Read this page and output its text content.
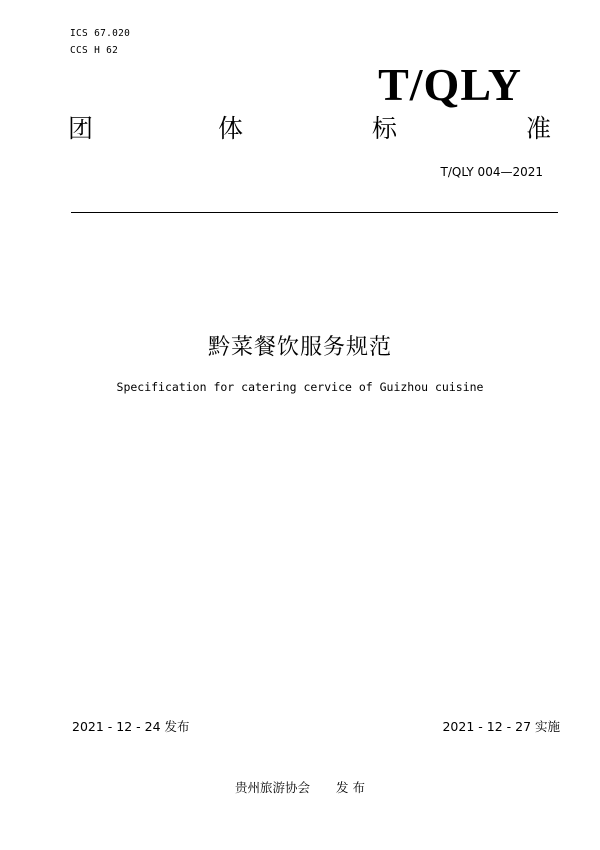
ICS 67.020
CCS H 62
T/QLY
团	体	标	准
T/QLY 004—2021
黔菜餐饮服务规范
Specification for catering cervice of Guizhou cuisine
2021 - 12 - 24 发布	2021 - 12 - 27 实施
贵州旅游协会 发 布
